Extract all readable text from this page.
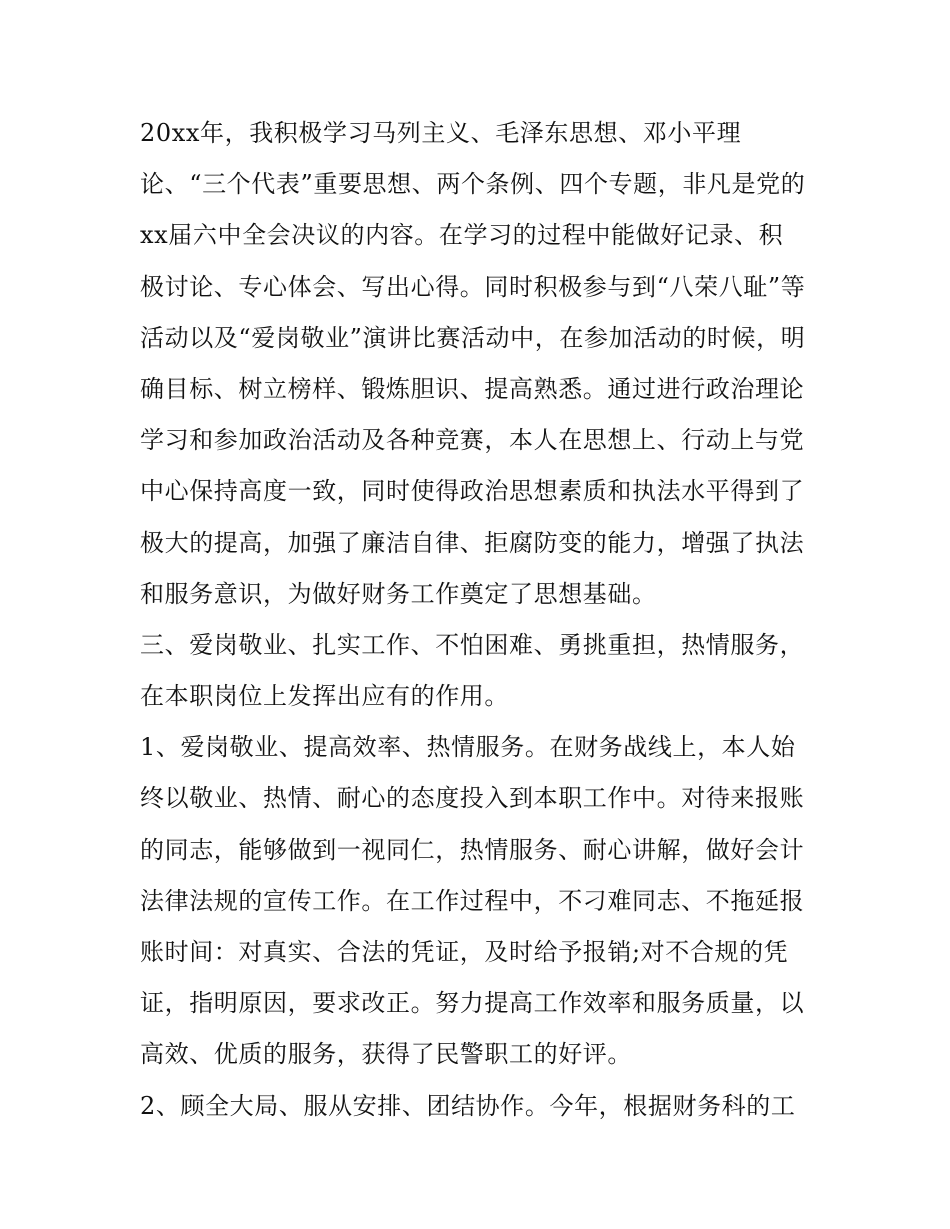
20xx年，我积极学习马列主义、毛泽东思想、邓小平理
论、“三个代表”重要思想、两个条例、四个专题，非凡是党的
xx届六中全会决议的内容。在学习的过程中能做好记录、积
极讨论、专心体会、写出心得。同时积极参与到“八荣八耻”等
活动以及“爱岗敬业”演讲比赛活动中，在参加活动的时候，明
确目标、树立榜样、锻炼胆识、提高熟悉。通过进行政治理论
学习和参加政治活动及各种竞赛，本人在思想上、行动上与党
中心保持高度一致，同时使得政治思想素质和执法水平得到了
极大的提高，加强了廉洁自律、拒腐防变的能力，增强了执法
和服务意识，为做好财务工作奠定了思想基础。
三、爱岗敬业、扎实工作、不怕困难、勇挑重担，热情服务，
在本职岗位上发挥出应有的作用。
1、爱岗敬业、提高效率、热情服务。在财务战线上，本人始
终以敬业、热情、耐心的态度投入到本职工作中。对待来报账
的同志，能够做到一视同仁，热情服务、耐心讲解，做好会计
法律法规的宣传工作。在工作过程中，不刁难同志、不拖延报
账时间：对真实、合法的凭证，及时给予报销;对不合规的凭
证，指明原因，要求改正。努力提高工作效率和服务质量，以
高效、优质的服务，获得了民警职工的好评。
2、顾全大局、服从安排、团结协作。今年，根据财务科的工
